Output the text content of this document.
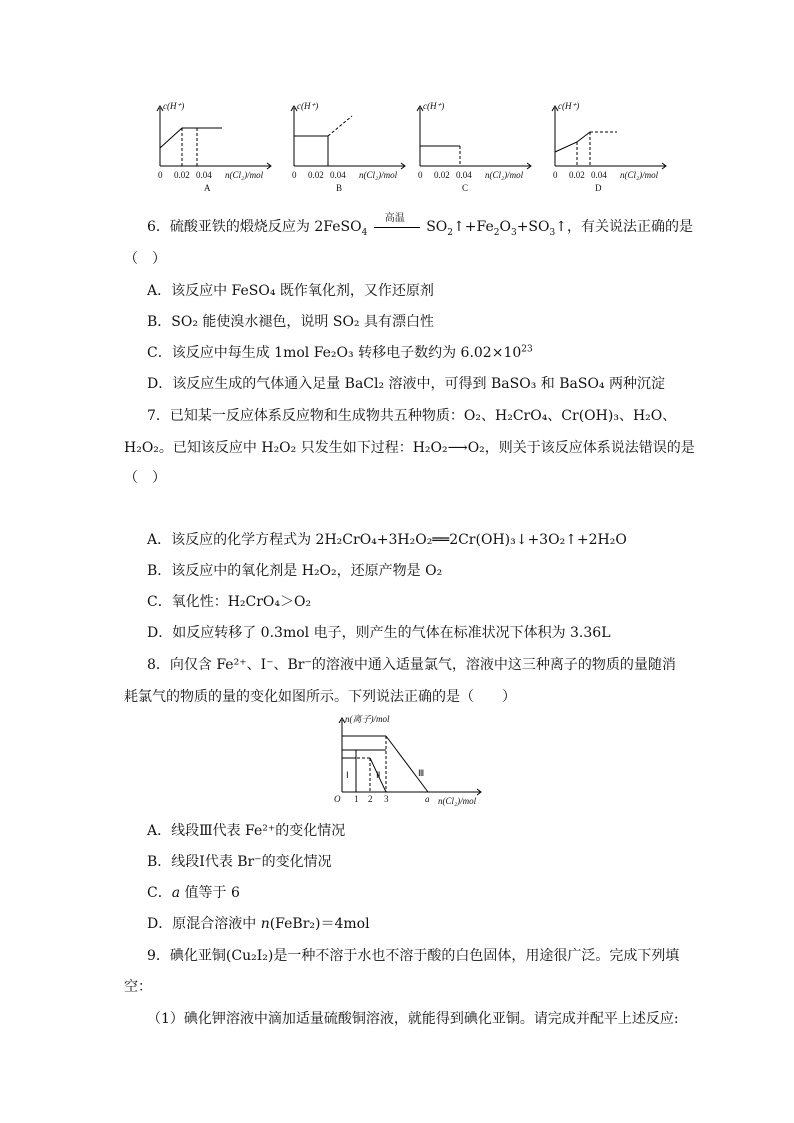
c(H⁺)
0 0.02 0.04 n(Cl₂)/mol
A
c(H⁺)
0 0.02 0.04 n(Cl₂)/mol
B
c(H⁺)
0 0.02 0.04 n(Cl₂)/mol
C
c(H⁺)
0 0.02 0.04 n(Cl₂)/mol
D
6．硫酸亚铁的煅烧反应为 2FeSO$_4$
高温
$SO_2↑+Fe_2O_3+SO_3↑$，有关说法正确的是
（　）
A．该反应中 FeSO₄ 既作氧化剂，又作还原剂
B．SO₂ 能使溴水褪色，说明 SO₂ 具有漂白性
C．该反应中每生成 1mol Fe₂O₃ 转移电子数约为 $6.02\times 10^{23}$
D．该反应生成的气体通入足量 BaCl₂ 溶液中，可得到 BaSO₃ 和 BaSO₄ 两种沉淀
7．已知某一反应体系反应物和生成物共五种物质：O₂、H₂CrO₄、Cr(OH)₃、H₂O、
H₂O₂。已知该反应中 H₂O₂ 只发生如下过程：H₂O₂⟶O₂，则关于该反应体系说法错误的是
（　）
A．该反应的化学方程式为 2H₂CrO₄+3H₂O₂══2Cr(OH)₃↓+3O₂↑+2H₂O
B．该反应中的氧化剂是 H₂O₂，还原产物是 O₂
C．氧化性：H₂CrO₄＞O₂
D．如反应转移了 0.3mol 电子，则产生的气体在标准状况下体积为 3.36L
8．向仅含 Fe²⁺、I⁻、Br⁻的溶液中通入适量氯气，溶液中这三种离子的物质的量随消
耗氯气的物质的量的变化如图所示。下列说法正确的是（　　）
n(离子)/mol
Ⅰ	Ⅱ	Ⅲ
O 1 2 3	a n(Cl₂)/mol
A．线段Ⅲ代表 Fe²⁺的变化情况
B．线段Ⅰ代表 Br⁻的变化情况
C．a 值等于 6
D．原混合溶液中 n(FeBr₂)＝4mol
9．碘化亚铜(Cu₂I₂)是一种不溶于水也不溶于酸的白色固体，用途很广泛。完成下列填
空：
（1）碘化钾溶液中滴加适量硫酸铜溶液，就能得到碘化亚铜。请完成并配平上述反应:
